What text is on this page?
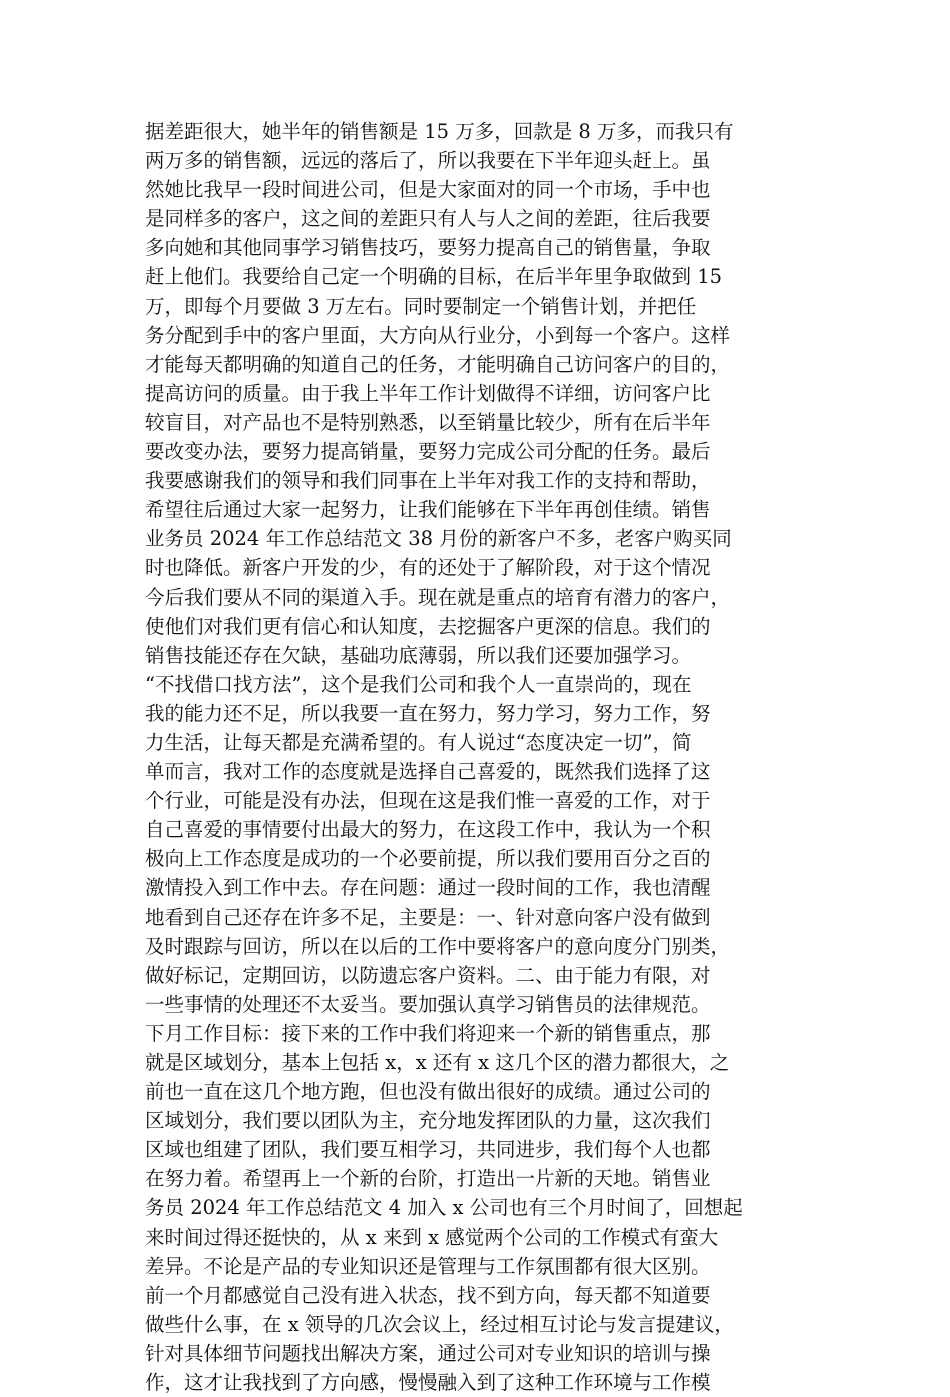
据差距很大，她半年的销售额是 15 万多，回款是 8 万多，而我只有
两万多的销售额，远远的落后了，所以我要在下半年迎头赶上。虽
然她比我早一段时间进公司，但是大家面对的同一个市场，手中也
是同样多的客户，这之间的差距只有人与人之间的差距，往后我要
多向她和其他同事学习销售技巧，要努力提高自己的销售量，争取
赶上他们。我要给自己定一个明确的目标，在后半年里争取做到 15
万，即每个月要做 3 万左右。同时要制定一个销售计划，并把任
务分配到手中的客户里面，大方向从行业分，小到每一个客户。这样
才能每天都明确的知道自己的任务，才能明确自己访问客户的目的，
提高访问的质量。由于我上半年工作计划做得不详细，访问客户比
较盲目，对产品也不是特别熟悉，以至销量比较少，所有在后半年
要改变办法，要努力提高销量，要努力完成公司分配的任务。最后
我要感谢我们的领导和我们同事在上半年对我工作的支持和帮助，
希望往后通过大家一起努力，让我们能够在下半年再创佳绩。销售
业务员 2024 年工作总结范文 38 月份的新客户不多，老客户购买同
时也降低。新客户开发的少，有的还处于了解阶段，对于这个情况
今后我们要从不同的渠道入手。现在就是重点的培育有潜力的客户，
使他们对我们更有信心和认知度，去挖掘客户更深的信息。我们的
销售技能还存在欠缺，基础功底薄弱，所以我们还要加强学习。
“不找借口找方法”，这个是我们公司和我个人一直崇尚的，现在
我的能力还不足，所以我要一直在努力，努力学习，努力工作，努
力生活，让每天都是充满希望的。有人说过“态度决定一切”，简
单而言，我对工作的态度就是选择自己喜爱的，既然我们选择了这
个行业，可能是没有办法，但现在这是我们惟一喜爱的工作，对于
自己喜爱的事情要付出最大的努力，在这段工作中，我认为一个积
极向上工作态度是成功的一个必要前提，所以我们要用百分之百的
激情投入到工作中去。存在问题：通过一段时间的工作，我也清醒
地看到自己还存在许多不足，主要是：一、针对意向客户没有做到
及时跟踪与回访，所以在以后的工作中要将客户的意向度分门别类，
做好标记，定期回访，以防遗忘客户资料。二、由于能力有限，对
一些事情的处理还不太妥当。要加强认真学习销售员的法律规范。
下月工作目标：接下来的工作中我们将迎来一个新的销售重点，那
就是区域划分，基本上包括 x，x 还有 x 这几个区的潜力都很大，之
前也一直在这几个地方跑，但也没有做出很好的成绩。通过公司的
区域划分，我们要以团队为主，充分地发挥团队的力量，这次我们
区域也组建了团队，我们要互相学习，共同进步，我们每个人也都
在努力着。希望再上一个新的台阶，打造出一片新的天地。销售业
务员 2024 年工作总结范文 4 加入 x 公司也有三个月时间了，回想起
来时间过得还挺快的，从 x 来到 x 感觉两个公司的工作模式有蛮大
差异。不论是产品的专业知识还是管理与工作氛围都有很大区别。
前一个月都感觉自己没有进入状态，找不到方向，每天都不知道要
做些什么事，在 x 领导的几次会议上，经过相互讨论与发言提建议，
针对具体细节问题找出解决方案，通过公司对专业知识的培训与操
作，这才让我找到了方向感，慢慢融入到了这种工作环境与工作模
